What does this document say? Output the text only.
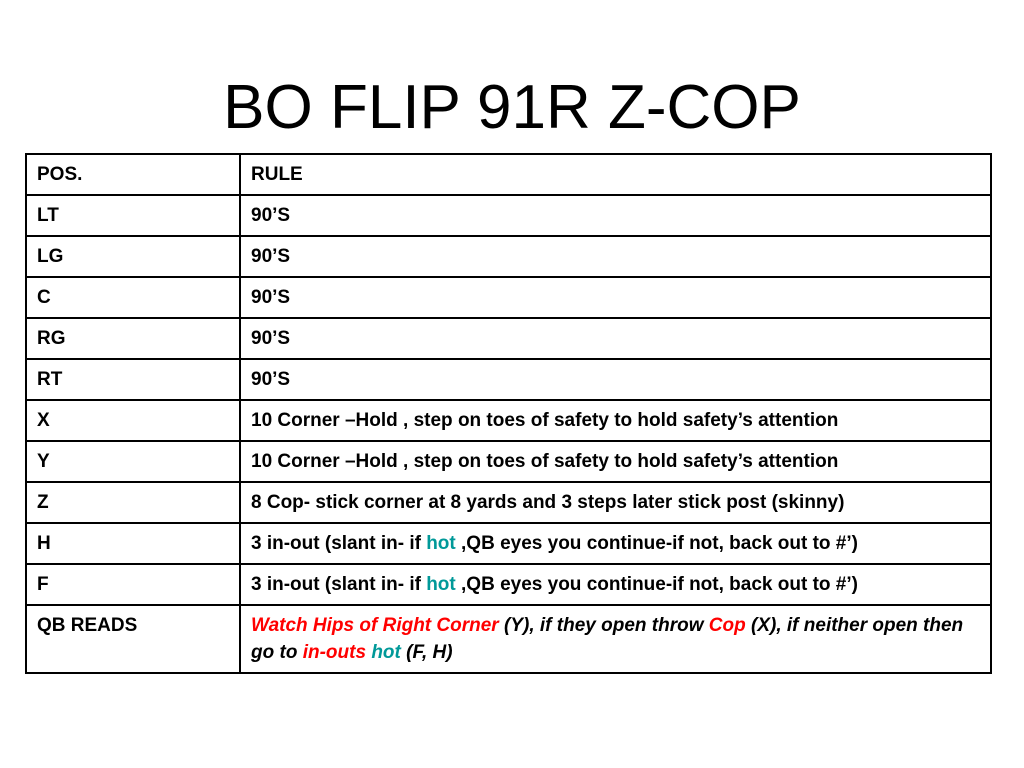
BO FLIP 91R Z-COP
POS.	RULE
LT	90’S
LG	90’S
C	90’S
RG	90’S
RT	90’S
X	10 Corner –Hold , step on toes of safety to hold safety’s attention
Y	10 Corner –Hold , step on toes of safety to hold safety’s attention
Z	8 Cop- stick corner at 8 yards and 3 steps later stick post (skinny)
H	3 in-out (slant in- if hot ,QB eyes you continue-if not, back out to #’)
F	3 in-out (slant in- if hot ,QB eyes you continue-if not, back out to #’)
QB READS	Watch Hips of Right Corner (Y), if they open throw Cop (X), if neither open then go to in-outs hot (F, H)
